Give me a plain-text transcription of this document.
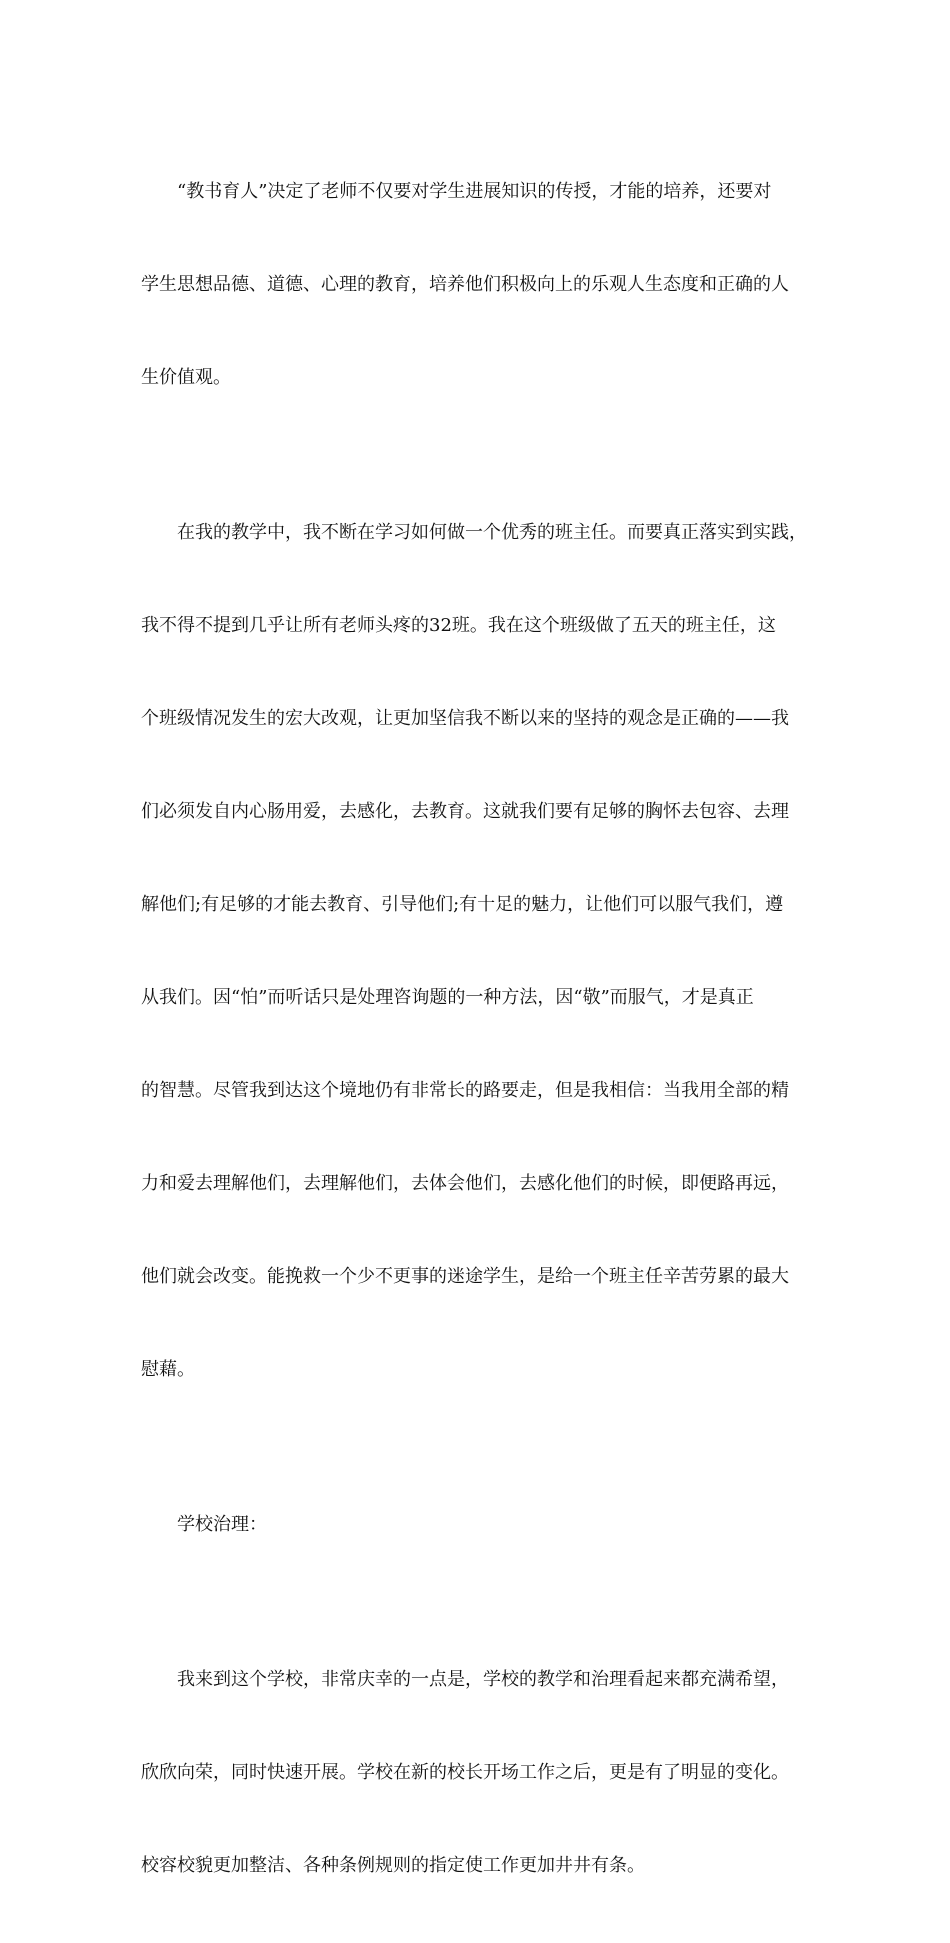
“教书育人”决定了老师不仅要对学生进展知识的传授，才能的培养，还要对

学生思想品德、道德、心理的教育，培养他们积极向上的乐观人生态度和正确的人

生价值观。

在我的教学中，我不断在学习如何做一个优秀的班主任。而要真正落实到实践，

我不得不提到几乎让所有老师头疼的32班。我在这个班级做了五天的班主任，这

个班级情况发生的宏大改观，让更加坚信我不断以来的坚持的观念是正确的——我

们必须发自内心肠用爱，去感化，去教育。这就我们要有足够的胸怀去包容、去理

解他们;有足够的才能去教育、引导他们;有十足的魅力，让他们可以服气我们，遵

从我们。因“怕”而听话只是处理咨询题的一种方法，因“敬”而服气，才是真正

的智慧。尽管我到达这个境地仍有非常长的路要走，但是我相信：当我用全部的精

力和爱去理解他们，去理解他们，去体会他们，去感化他们的时候，即便路再远，

他们就会改变。能挽救一个少不更事的迷途学生，是给一个班主任辛苦劳累的最大

慰藉。

学校治理：

我来到这个学校，非常庆幸的一点是，学校的教学和治理看起来都充满希望，

欣欣向荣，同时快速开展。学校在新的校长开场工作之后，更是有了明显的变化。

校容校貌更加整洁、各种条例规则的指定使工作更加井井有条。
